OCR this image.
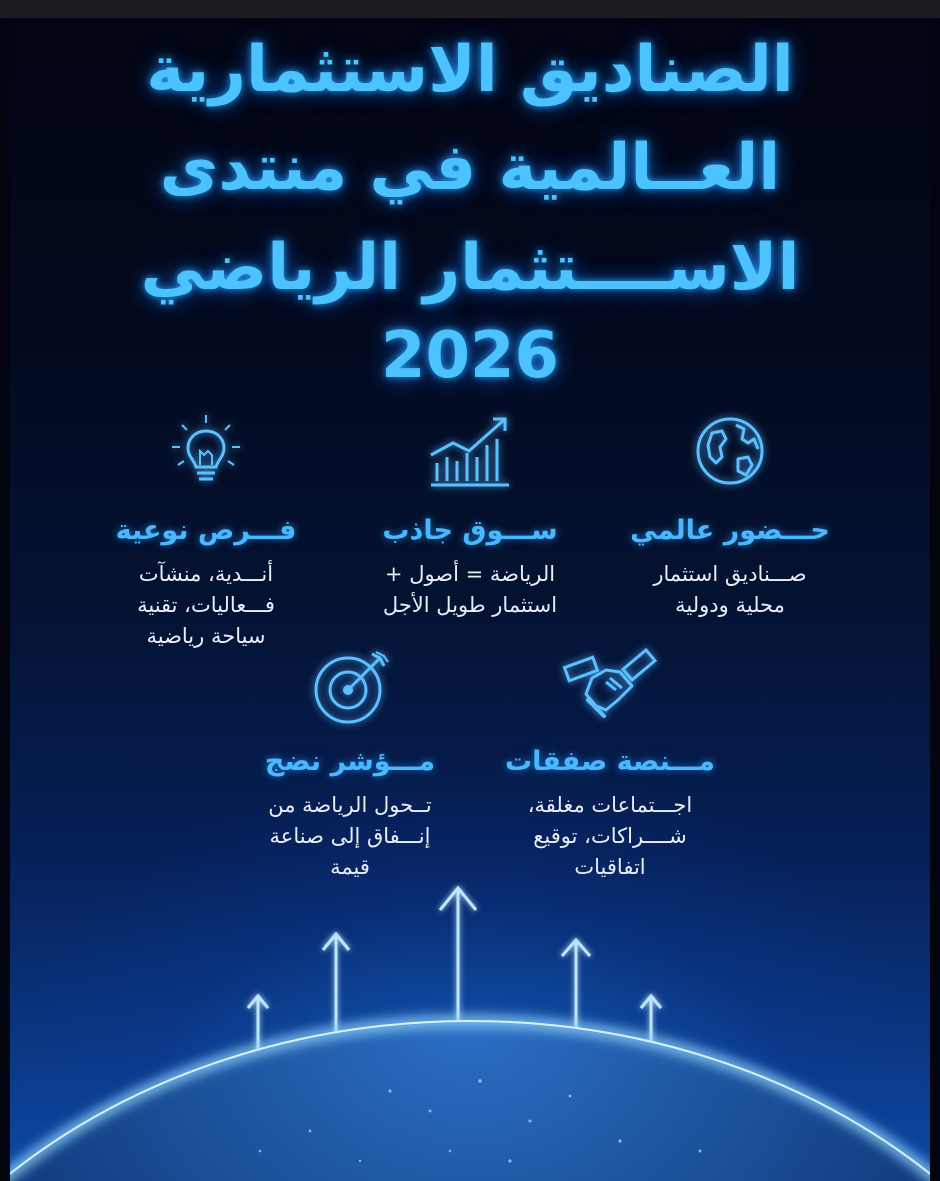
الصناديق الاستثمارية
العــالمية في منتدى
الاســــتثمار الرياضي
2026
حـــضور عالمي

صـــناديق استثمار
محلية ودولية

ســـوق جاذب

الرياضة = أصول +
استثمار طويل الأجل

فـــرص نوعية

أنـــدية، منشآت
فـــعاليات، تقنية
سياحة رياضية

مـــنصة صفقات

اجـــتماعات مغلقة،
شــــراكات، توقيع
اتفاقيات

مـــؤشر نضج

تــحول الرياضة من
إنـــفاق إلى صناعة
قيمة
